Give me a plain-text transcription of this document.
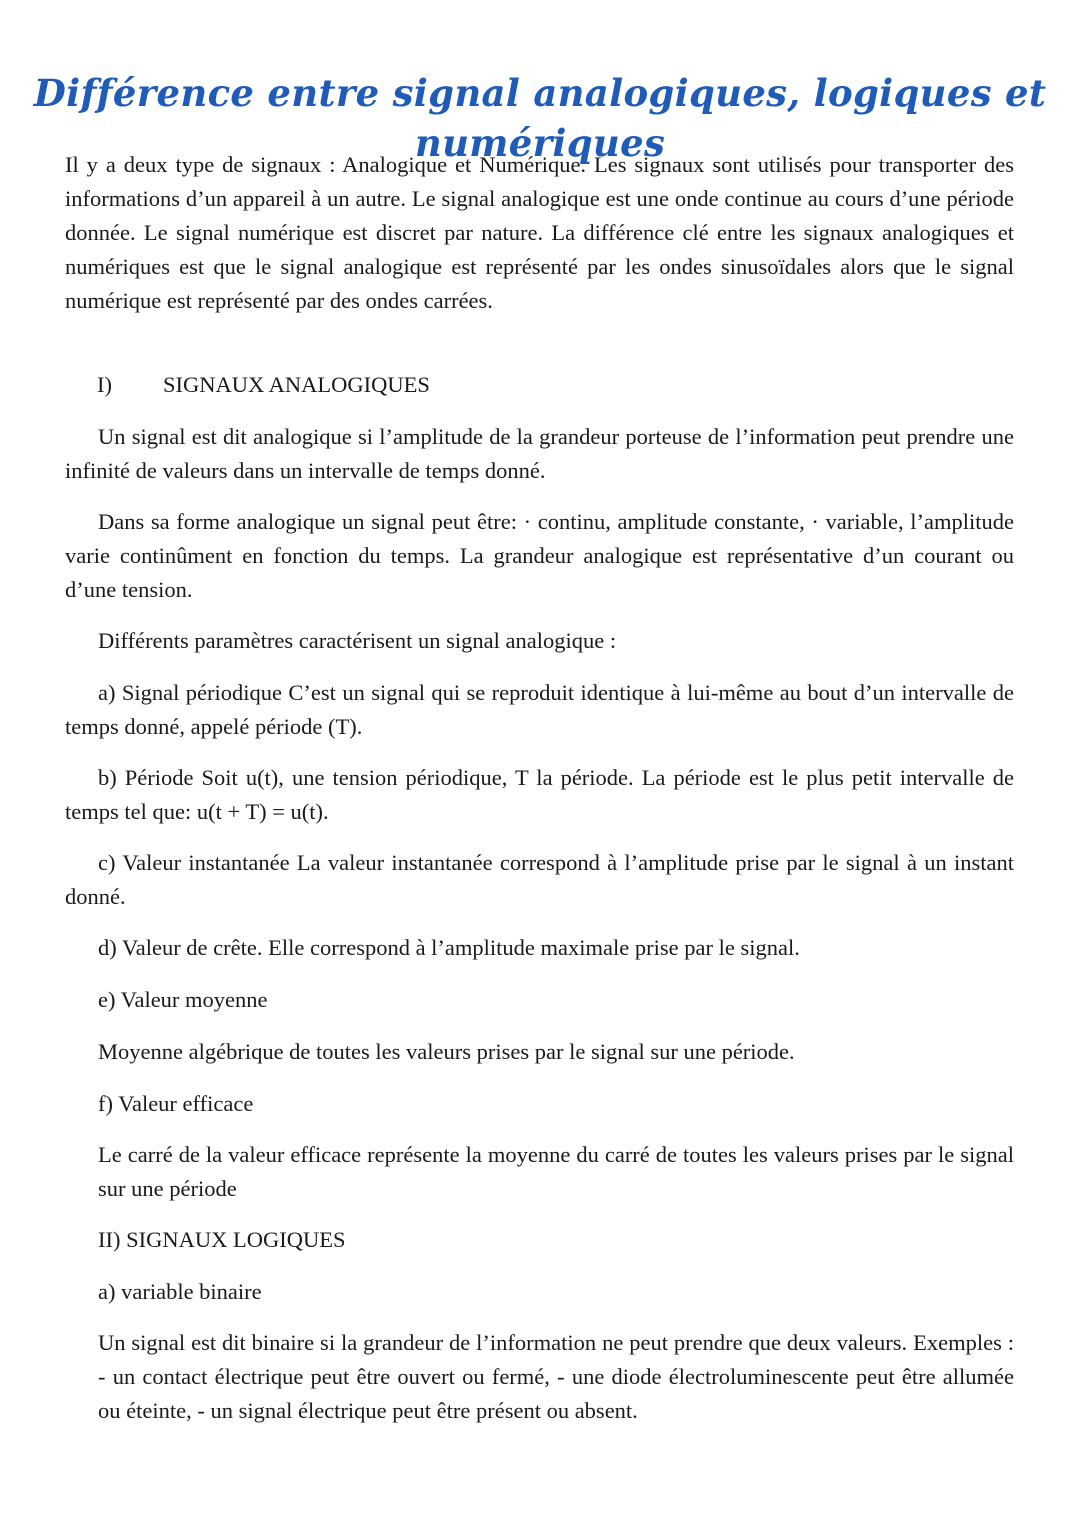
Différence entre signal analogiques, logiques et numériques

Il y a deux type de signaux : Analogique et Numérique. Les signaux sont utilisés pour transporter des informations d’un appareil à un autre. Le signal analogique est une onde continue au cours d’une période donnée. Le signal numérique est discret par nature. La différence clé entre les signaux analogiques et numériques est que le signal analogique est représenté par les ondes sinusoïdales alors que le signal numérique est représenté par des ondes carrées.

I) SIGNAUX ANALOGIQUES

Un signal est dit analogique si l’amplitude de la grandeur porteuse de l’information peut prendre une infinité de valeurs dans un intervalle de temps donné.

Dans sa forme analogique un signal peut être: · continu, amplitude constante, · variable, l’amplitude varie continûment en fonction du temps. La grandeur analogique est représentative d’un courant ou d’une tension.

Différents paramètres caractérisent un signal analogique :

a) Signal périodique C’est un signal qui se reproduit identique à lui-même au bout d’un intervalle de temps donné, appelé période (T).

b) Période Soit u(t), une tension périodique, T la période. La période est le plus petit intervalle de temps tel que: u(t + T) = u(t).

c) Valeur instantanée La valeur instantanée correspond à l’amplitude prise par le signal à un instant donné.

d) Valeur de crête. Elle correspond à l’amplitude maximale prise par le signal.

e) Valeur moyenne

Moyenne algébrique de toutes les valeurs prises par le signal sur une période.

f) Valeur efficace

Le carré de la valeur efficace représente la moyenne du carré de toutes les valeurs prises par le signal sur une période

II) SIGNAUX LOGIQUES

a) variable binaire

Un signal est dit binaire si la grandeur de l’information ne peut prendre que deux valeurs. Exemples : - un contact électrique peut être ouvert ou fermé, - une diode électroluminescente peut être allumée ou éteinte, - un signal électrique peut être présent ou absent.
